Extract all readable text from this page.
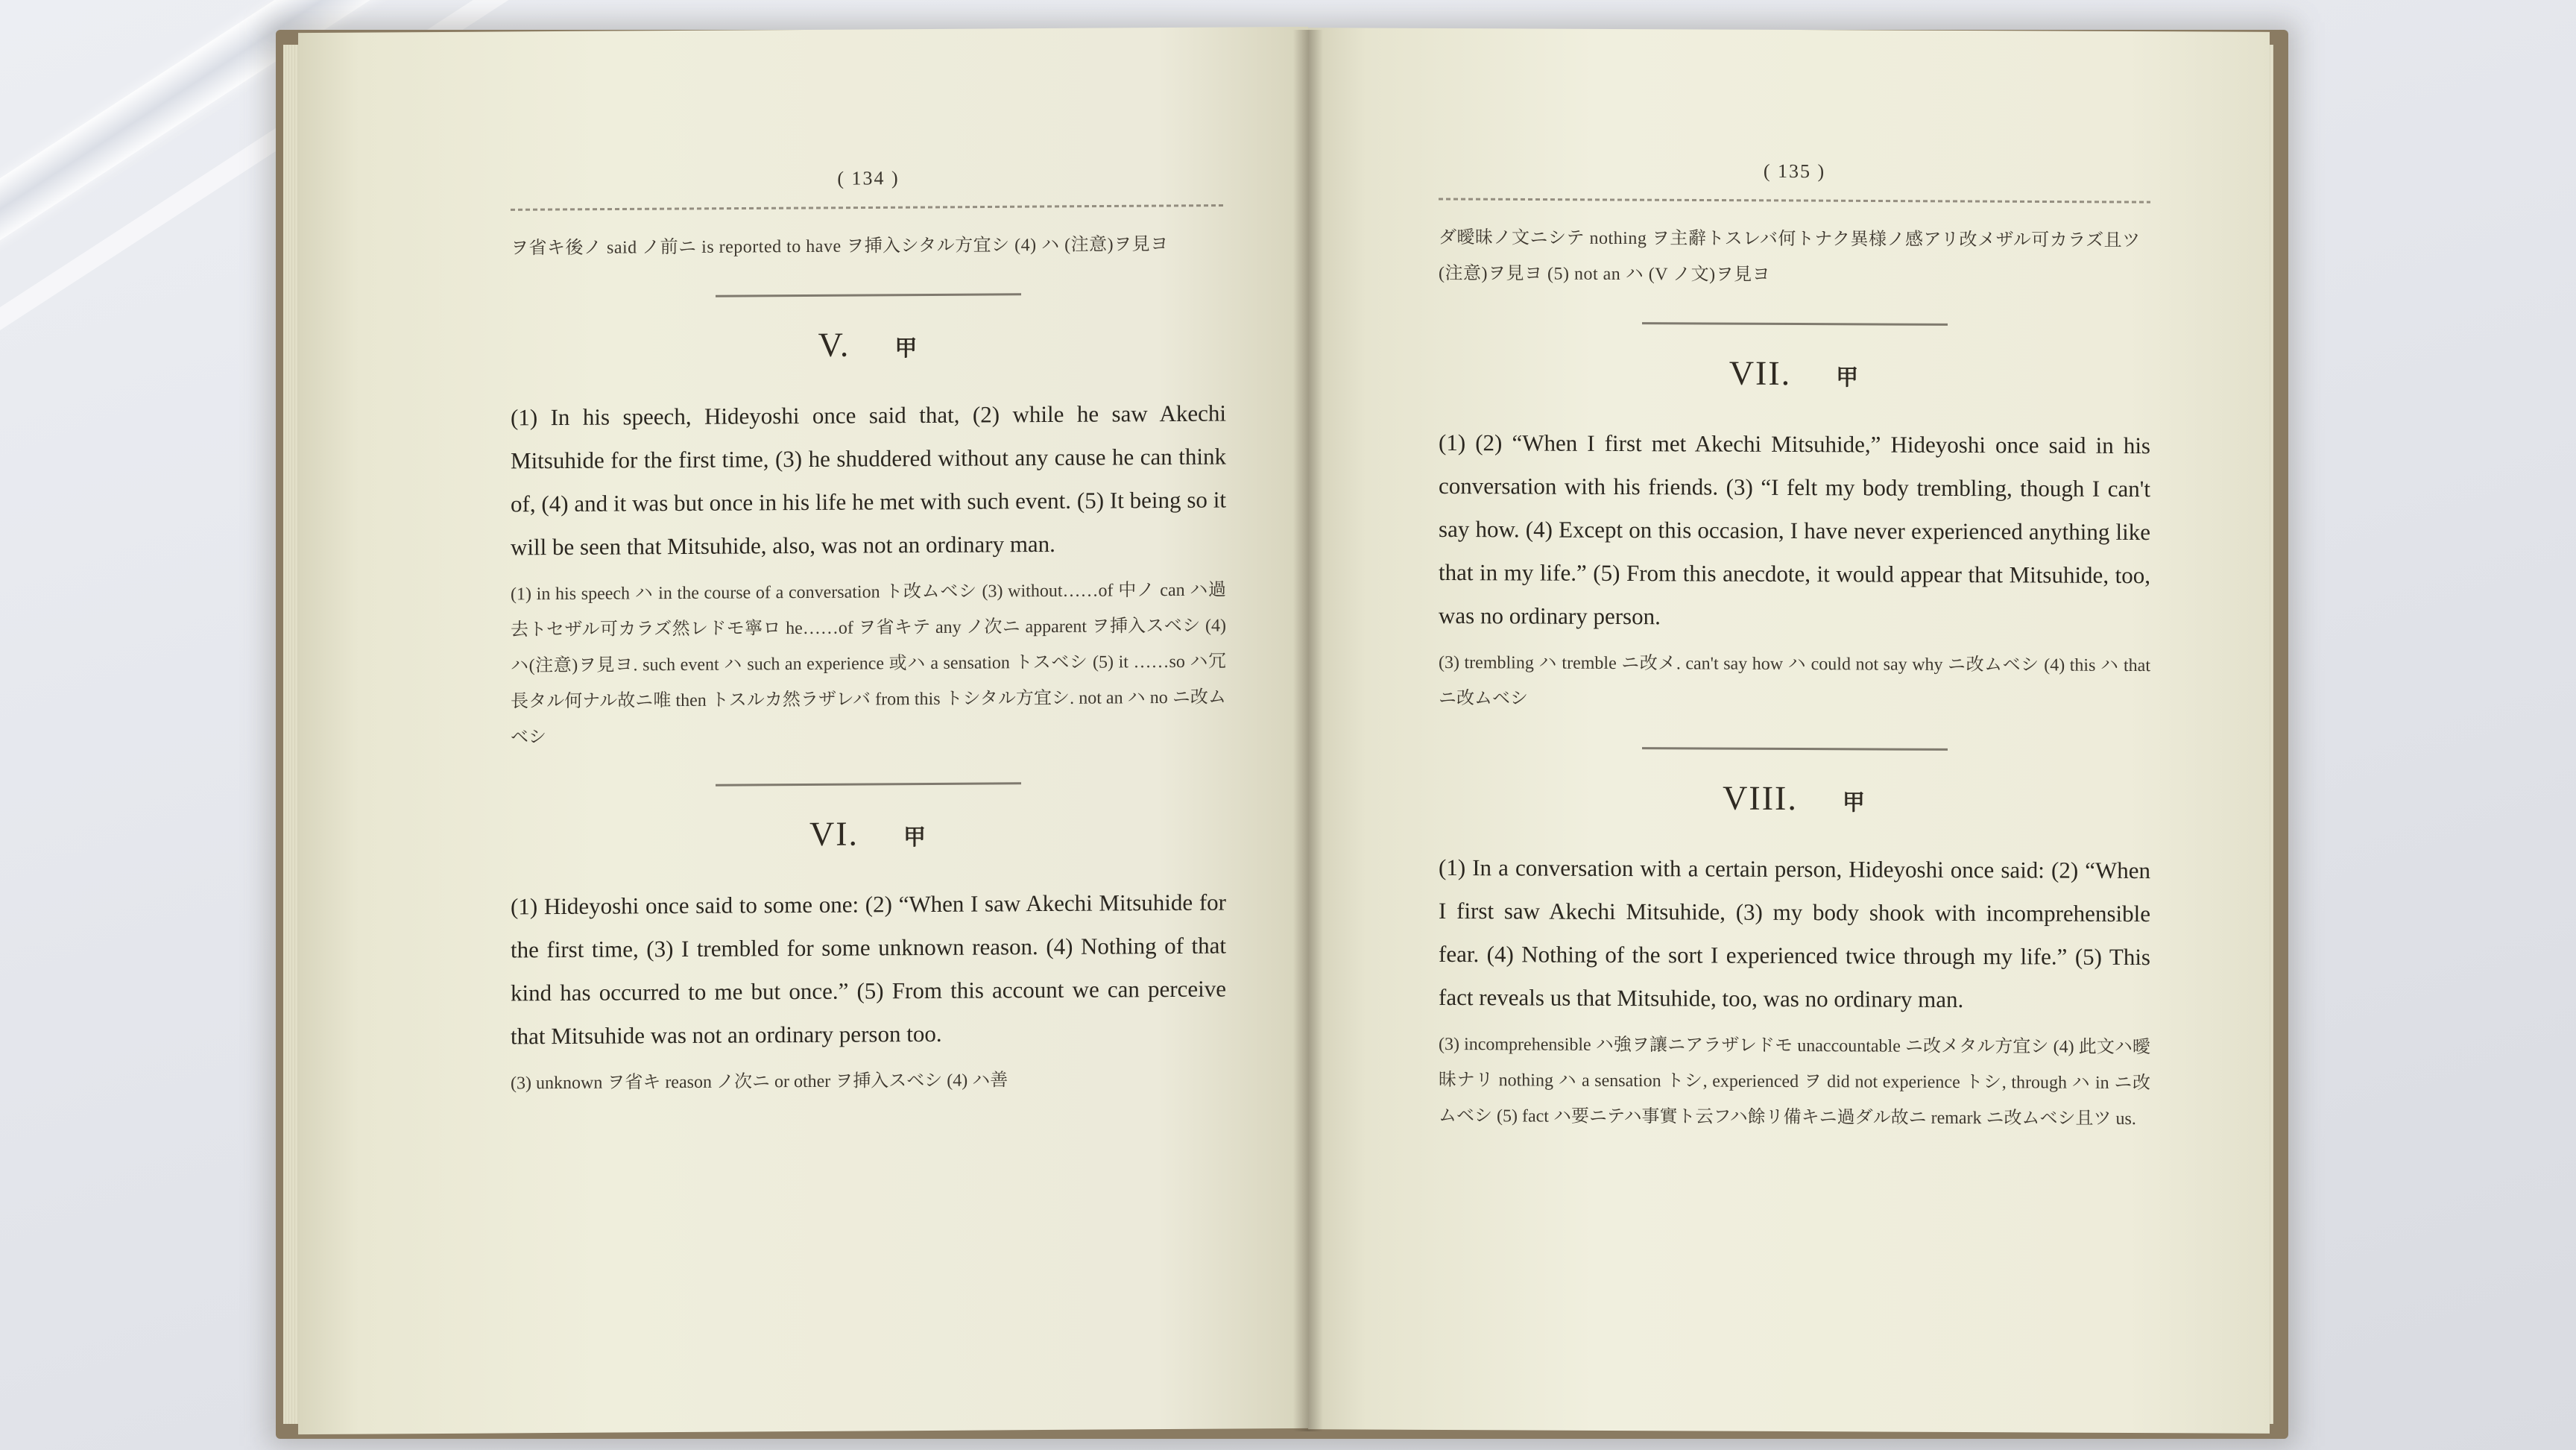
( 134 )
ヲ省キ後ノ said ノ前ニ is reported to have ヲ挿入シタル方宜シ (4) ハ (注意)ヲ見ヨ
V. 甲
(1) In his speech, Hideyoshi once said that, (2) while he saw Akechi Mitsuhide for the first time, (3) he shuddered without any cause he can think of, (4) and it was but once in his life he met with such event. (5) It being so it will be seen that Mitsuhide, also, was not an ordinary man.
(1) in his speech ハ in the course of a conversation ト改ムベシ (3) without……of 中ノ can ハ過去トセザル可カラズ然レドモ寧ロ he……of ヲ省キテ any ノ次ニ apparent ヲ挿入スベシ (4) ハ(注意)ヲ見ヨ. such event ハ such an experience 或ハ a sensation トスベシ (5) it ……so ハ冗長タル何ナル故ニ唯 then トスルカ然ラザレバ from this トシタル方宜シ. not an ハ no ニ改ムベシ
VI. 甲
(1) Hideyoshi once said to some one: (2) “When I saw Akechi Mitsuhide for the first time, (3) I trembled for some unknown reason. (4) Nothing of that kind has occurred to me but once.” (5) From this account we can perceive that Mitsuhide was not an ordinary person too.
(3) unknown ヲ省キ reason ノ次ニ or other ヲ挿入スベシ (4) ハ善
( 135 )
ダ曖昧ノ文ニシテ nothing ヲ主辭トスレバ何トナク異様ノ感アリ改メザル可カラズ且ツ(注意)ヲ見ヨ (5) not an ハ (V ノ文)ヲ見ヨ
VII. 甲
(1) (2) “When I first met Akechi Mitsuhide,” Hideyoshi once said in his conversation with his friends. (3) “I felt my body trembling, though I can't say how. (4) Except on this occasion, I have never experienced anything like that in my life.” (5) From this anecdote, it would appear that Mitsuhide, too, was no ordinary person.
(3) trembling ハ tremble ニ改メ. can't say how ハ could not say why ニ改ムベシ (4) this ハ that ニ改ムベシ
VIII. 甲
(1) In a conversation with a certain person, Hideyoshi once said: (2) “When I first saw Akechi Mitsuhide, (3) my body shook with incomprehensible fear. (4) Nothing of the sort I experienced twice through my life.” (5) This fact reveals us that Mitsuhide, too, was no ordinary man.
(3) incomprehensible ハ強ヲ讓ニアラザレドモ unaccountable ニ改メタル方宜シ (4) 此文ハ曖昧ナリ nothing ハ a sensation トシ, experienced ヲ did not experience トシ, through ハ in ニ改ムベシ (5) fact ハ要ニテハ事實ト云フハ餘リ備キニ過ダル故ニ remark ニ改ムベシ且ツ us.
